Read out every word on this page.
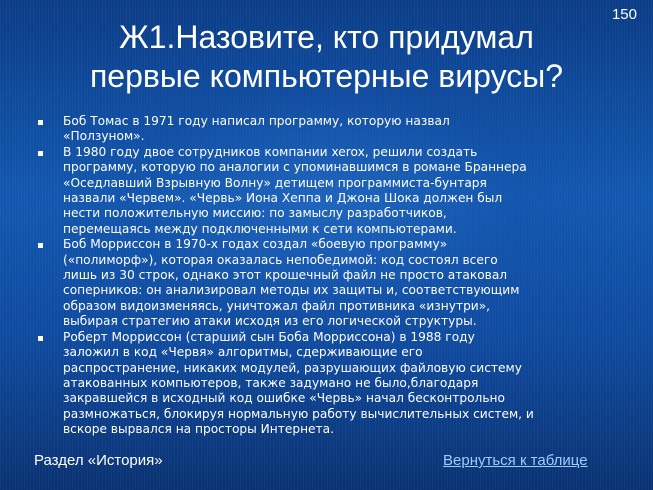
150
Ж1.Назовите, кто придумал
первые компьютерные вирусы?
Боб Томас в 1971 году написал программу, которую назвал
«Ползуном».
В 1980 году двое сотрудников компании xerox, решили создать
программу, которую по аналогии с упоминавшимся в романе Браннера
«Оседлавший Взрывную Волну» детищем программиста-бунтаря
назвали «Червем». «Червь» Иона Хеппа и Джона Шока должен был
нести положительную миссию: по замыслу разработчиков,
перемещаясь между подключенными к сети компьютерами.
Боб Моррисcон в 1970-х годах создал «боевую программу»
(«полиморф»), которая оказалась непобедимой: код состоял всего
лишь из 30 строк, однако этот крошечный файл не просто атаковал
соперников: он анализировал методы их защиты и, соответствующим
образом видоизменяясь, уничтожал файл противника «изнутри»,
выбирая стратегию атаки исходя из его логической структуры.
Роберт Моррисcон (старший сын Боба Моррисcона) в 1988 году
заложил в код «Червя» алгоритмы, сдерживающие его
распространение, никаких модулей, разрушающих файловую систему
атакованных компьютеров, также задумано не было,благодаря
закравшейся в исходный код ошибке «Червь» начал бесконтрольно
размножаться, блокируя нормальную работу вычислительных систем, и
вскоре вырвался на просторы Интернета.
Раздел «История»	Вернуться к таблице
